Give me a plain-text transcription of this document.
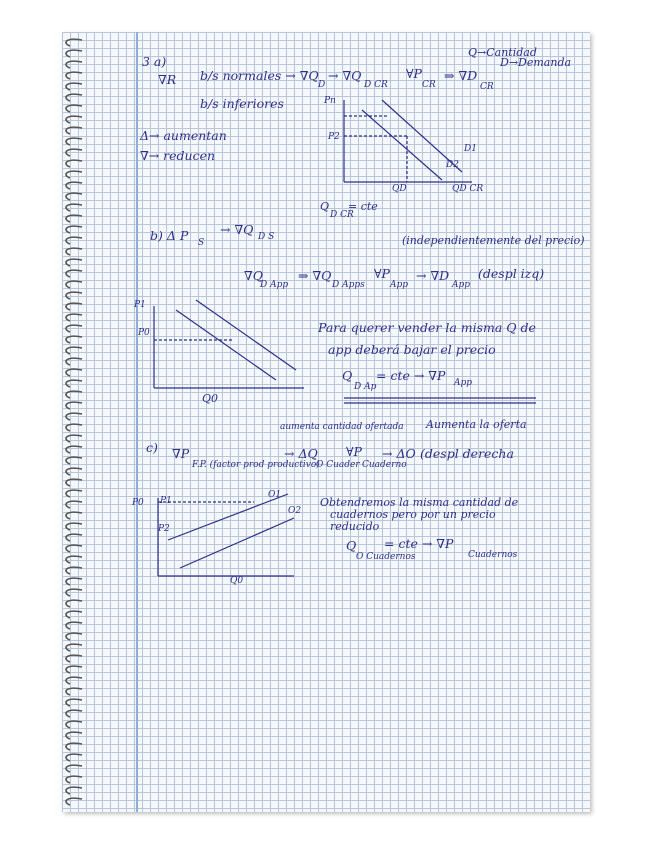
Q→Cantidad
D→Demanda
3 a)
∇R b/s normales → ∇Q
D
→ ∇Q
D CR
∀P
CR
⇒ ∇D
CR
b/s inferiores
Δ→ aumentan
∇→ reducen
Pn
P2
D1
D2
QD	QD CR
Q
D CR
= cte
b) Δ P S
→ ∇Q D S	(independientemente del precio)
∇Q
D App
⇒ ∇Q
D Apps
∀P
App
→ ∇D
App
(despl izq)
P1
P0
Q0
Para querer vender la misma Q de
app deberá bajar el precio
Q
D Ap
= cte → ∇P App
aumenta cantidad ofertada Aumenta la oferta
c) ∇P
F.P. (factor prod productivo)
→ ΔQ
O Cuader
∀P
Cuaderno
→ ΔO (despl derecha
P0 P1
P2
O1
O2
Q0
Obtendremos la misma cantidad de
cuadernos pero por un precio
reducido
Q
O Cuadernos
= cte → ∇P
Cuadernos
